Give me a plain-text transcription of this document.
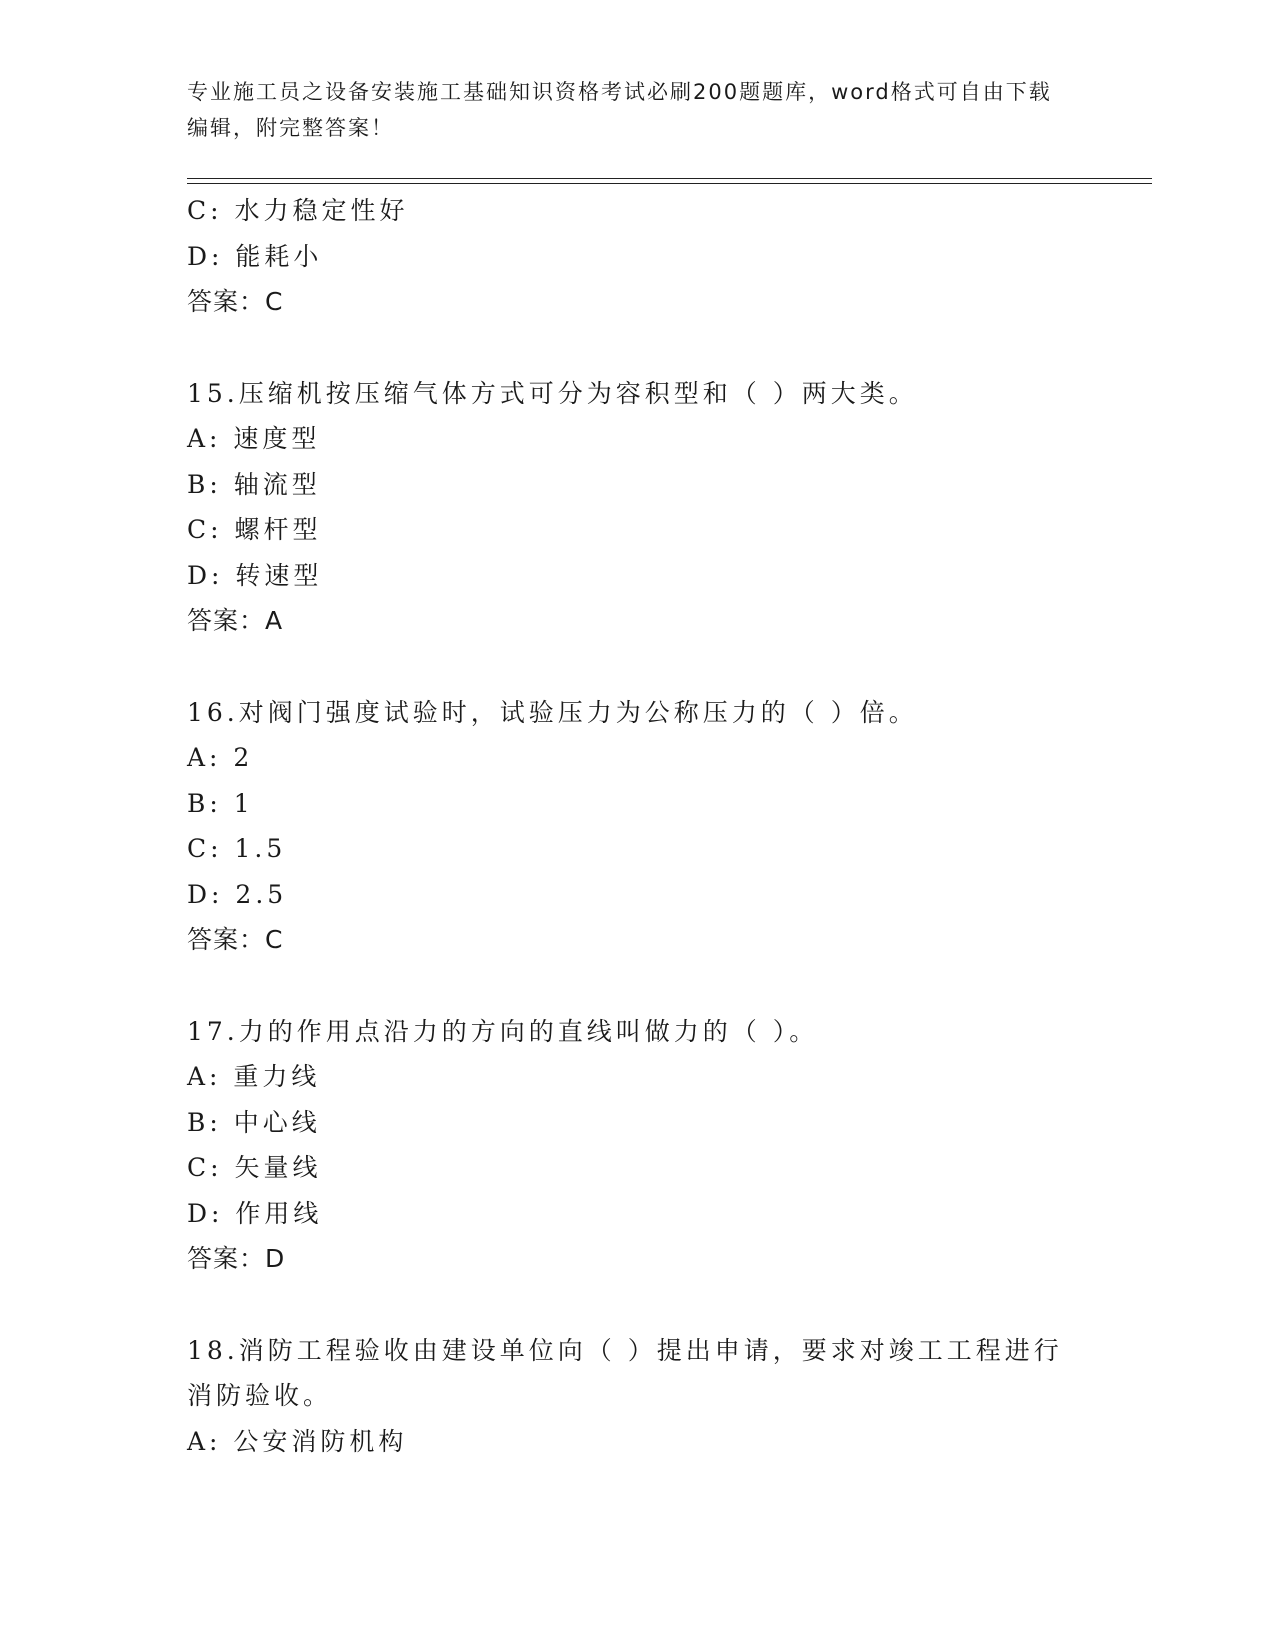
专业施工员之设备安装施工基础知识资格考试必刷200题题库，word格式可自由下载编辑，附完整答案！
C: 水力稳定性好
D: 能耗小
答案：C
15.压缩机按压缩气体方式可分为容积型和（ ）两大类。
A: 速度型
B: 轴流型
C: 螺杆型
D: 转速型
答案：A
16.对阀门强度试验时，试验压力为公称压力的（ ）倍。
A: 2
B: 1
C: 1.5
D: 2.5
答案：C
17.力的作用点沿力的方向的直线叫做力的（ ）。
A: 重力线
B: 中心线
C: 矢量线
D: 作用线
答案：D
18.消防工程验收由建设单位向（ ）提出申请，要求对竣工工程进行消防验收。
A: 公安消防机构
